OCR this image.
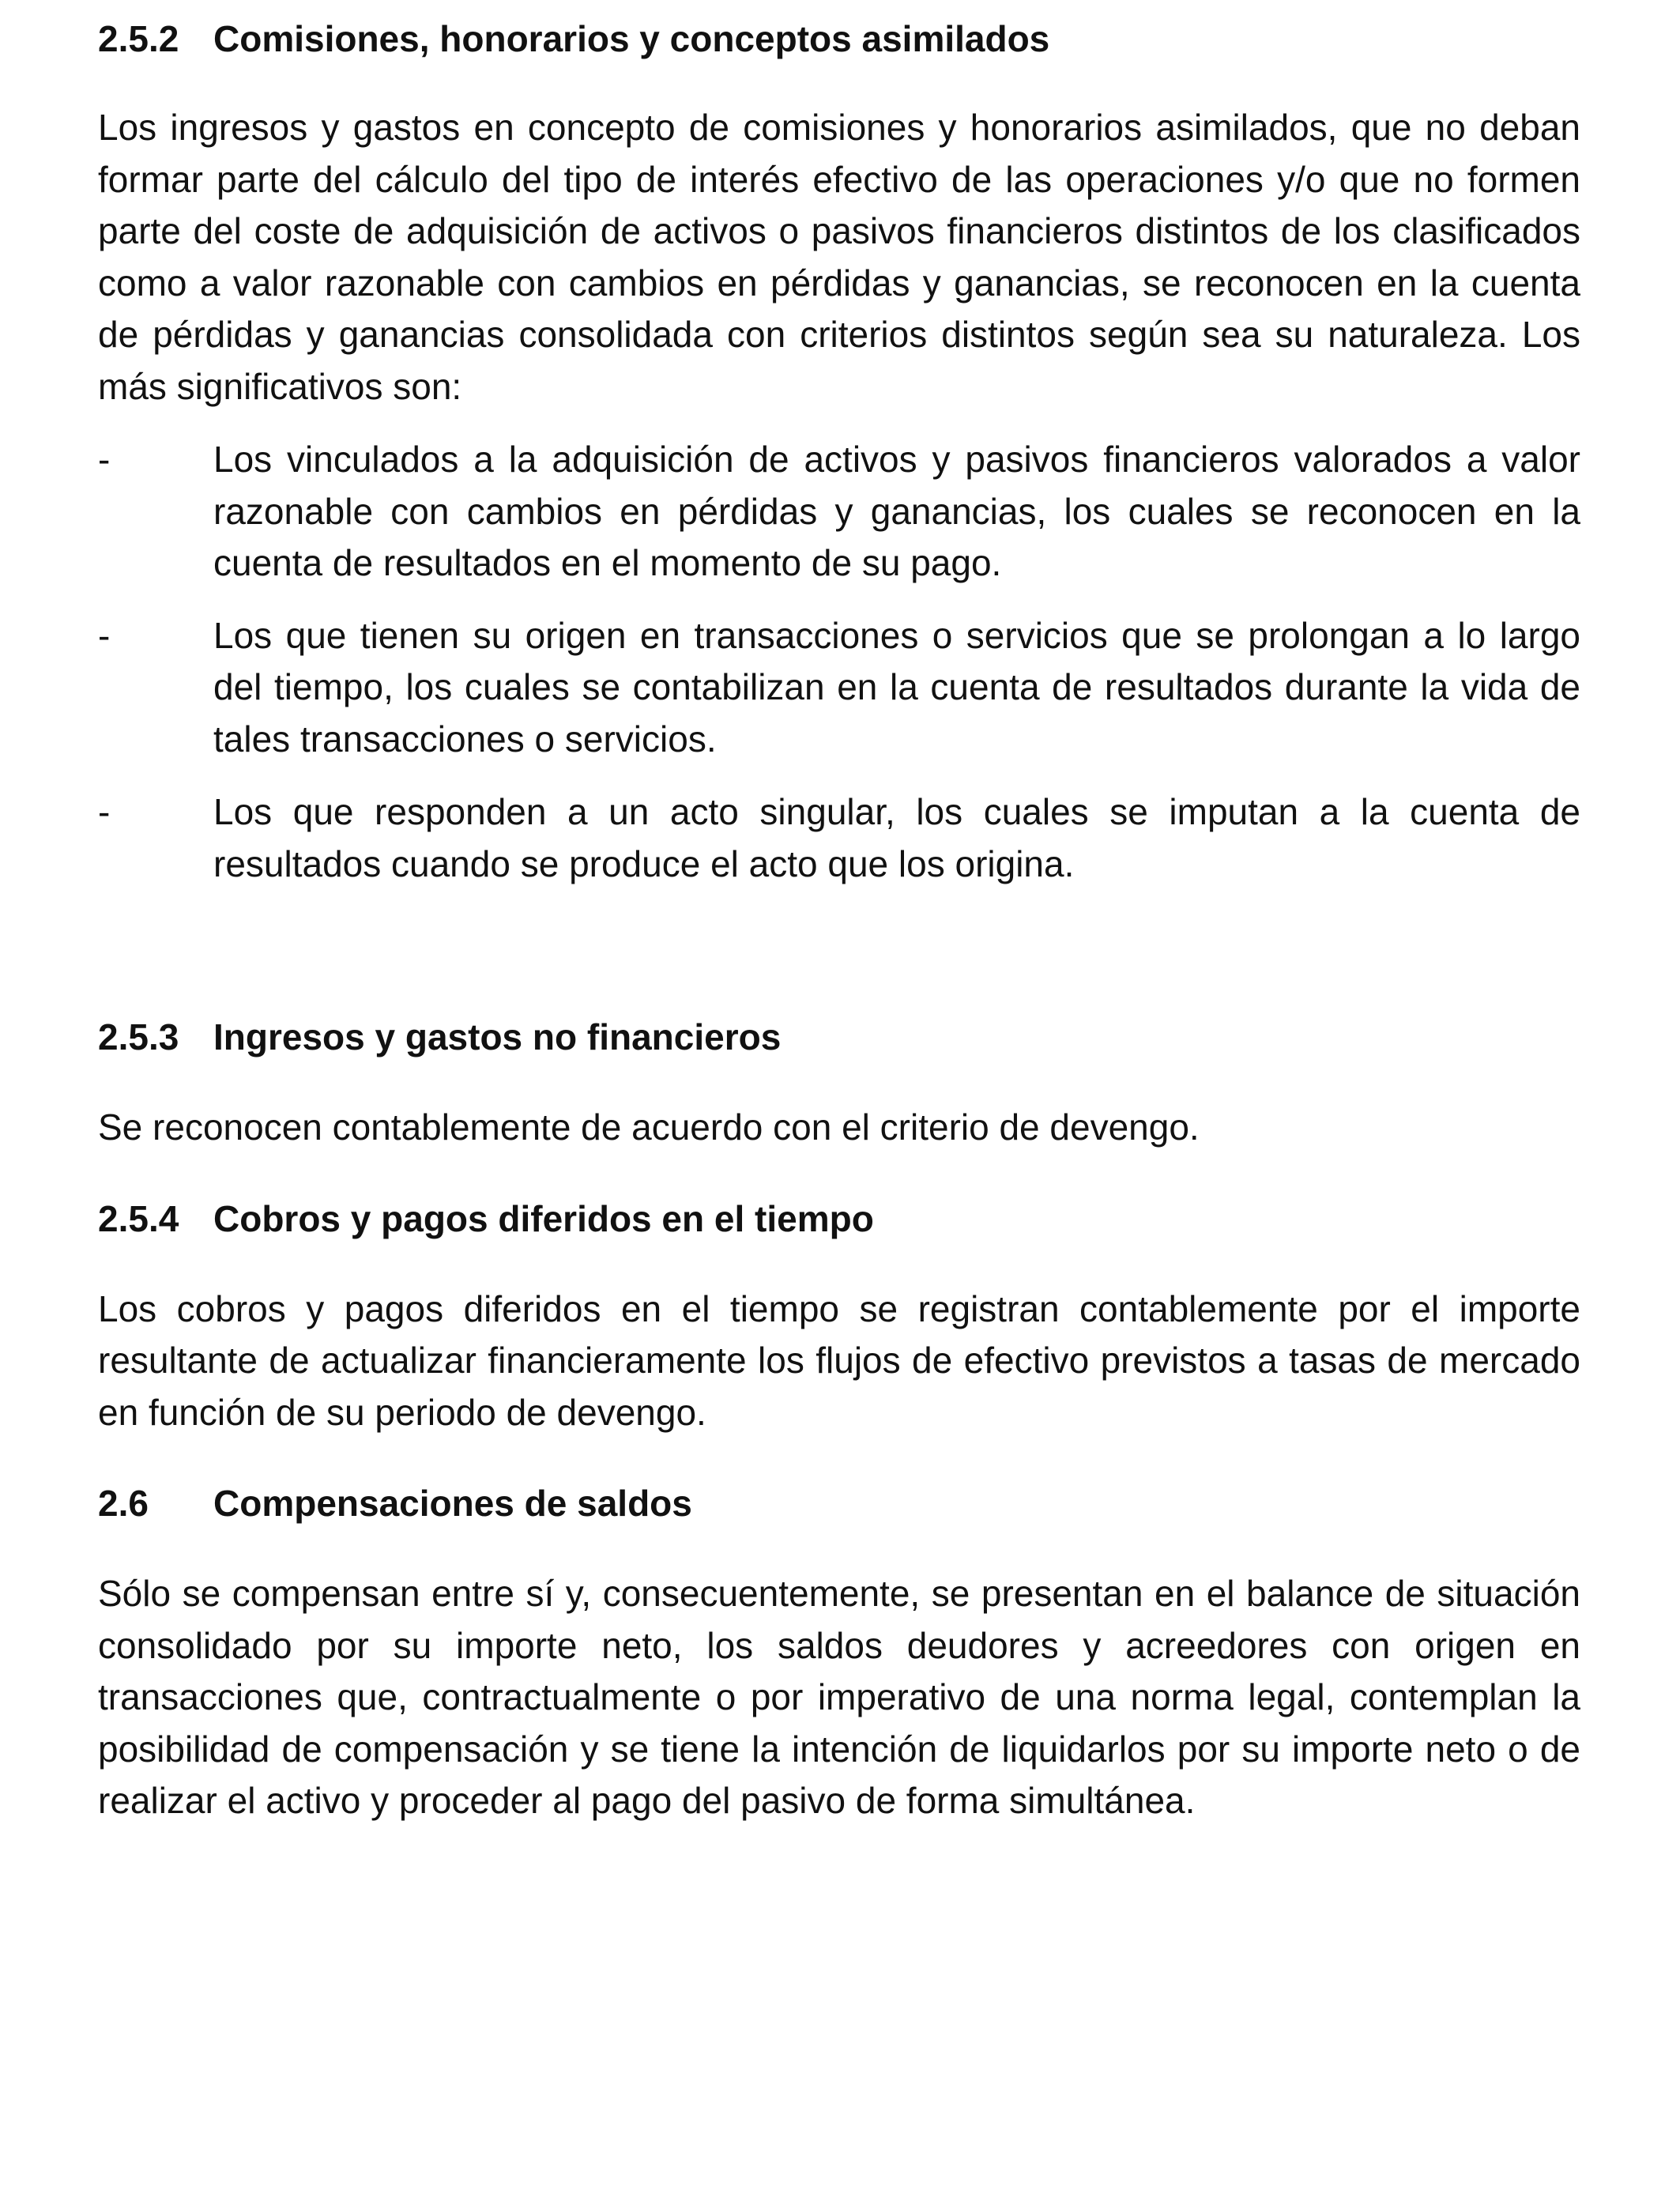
2.5.2 Comisiones, honorarios y conceptos asimilados

Los ingresos y gastos en concepto de comisiones y honorarios asimilados, que no deban formar parte del cálculo del tipo de interés efectivo de las operaciones y/o que no formen parte del coste de adquisición de activos o pasivos financieros distintos de los clasificados como a valor razonable con cambios en pérdidas y ganancias, se reconocen en la cuenta de pérdidas y ganancias consolidada con criterios distintos según sea su naturaleza. Los más significativos son:

-	Los vinculados a la adquisición de activos y pasivos financieros valorados a valor razonable con cambios en pérdidas y ganancias, los cuales se reconocen en la cuenta de resultados en el momento de su pago.
-	Los que tienen su origen en transacciones o servicios que se prolongan a lo largo del tiempo, los cuales se contabilizan en la cuenta de resultados durante la vida de tales transacciones o servicios.
-	Los que responden a un acto singular, los cuales se imputan a la cuenta de resultados cuando se produce el acto que los origina.
2.5.3 Ingresos y gastos no financieros

Se reconocen contablemente de acuerdo con el criterio de devengo.

2.5.4 Cobros y pagos diferidos en el tiempo

Los cobros y pagos diferidos en el tiempo se registran contablemente por el importe resultante de actualizar financieramente los flujos de efectivo previstos a tasas de mercado en función de su periodo de devengo.

2.6	Compensaciones de saldos

Sólo se compensan entre sí y, consecuentemente, se presentan en el balance de situación consolidado por su importe neto, los saldos deudores y acreedores con origen en transacciones que, contractualmente o por imperativo de una norma legal, contemplan la posibilidad de compensación y se tiene la intención de liquidarlos por su importe neto o de realizar el activo y proceder al pago del pasivo de forma simultánea.
